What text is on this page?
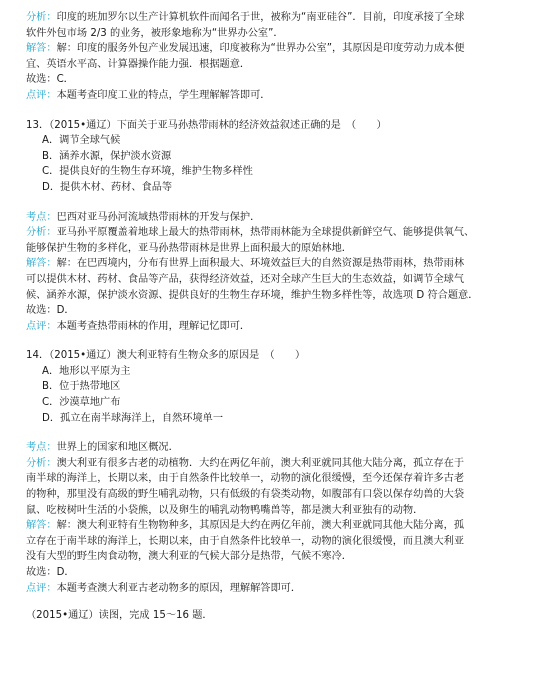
分析：印度的班加罗尔以生产计算机软件而闻名于世，被称为“南亚硅谷”．目前，印度承接了全球
软件外包市场 2/3 的业务，被形象地称为“世界办公室”．
解答：解：印度的服务外包产业发展迅速，印度被称为“世界办公室”，其原因是印度劳动力成本便
宜、英语水平高、计算器操作能力强．根据题意．
故选：C．
点评：本题考查印度工业的特点，学生理解解答即可．
13．（2015•通辽）下面关于亚马孙热带雨林的经济效益叙述正确的是　（　　）
A．调节全球气候
B．涵养水源，保护淡水资源
C．提供良好的生物生存环境，维护生物多样性
D．提供木材、药材、食品等
考点：巴西对亚马孙河流域热带雨林的开发与保护．
分析：亚马孙平原覆盖着地球上最大的热带雨林，热带雨林能为全球提供新鲜空气、能够提供氧气、
能够保护生物的多样化，亚马孙热带雨林是世界上面积最大的原始林地．
解答：解：在巴西境内，分布有世界上面积最大、环境效益巨大的自然资源是热带雨林，热带雨林
可以提供木材、药材、食品等产品，获得经济效益，还对全球产生巨大的生态效益，如调节全球气
候、涵养水源，保护淡水资源、提供良好的生物生存环境，维护生物多样性等，故选项 D 符合题意．
故选：D．
点评：本题考查热带雨林的作用，理解记忆即可．
14．（2015•通辽）澳大利亚特有生物众多的原因是　（　　）
A．地形以平原为主
B．位于热带地区
C．沙漠草地广布
D．孤立在南半球海洋上，自然环境单一
考点：世界上的国家和地区概况．
分析：澳大利亚有很多古老的动植物．大约在两亿年前，澳大利亚就同其他大陆分离，孤立存在于
南半球的海洋上，长期以来，由于自然条件比较单一，动物的演化很缓慢，至今还保存着许多古老
的物种，那里没有高级的野生哺乳动物，只有低级的有袋类动物，如腹部有口袋以保存幼兽的大袋
鼠、吃桉树叶生活的小袋熊，以及卵生的哺乳动物鸭嘴兽等，都是澳大利亚独有的动物．
解答：解：澳大利亚特有生物物种多，其原因是大约在两亿年前，澳大利亚就同其他大陆分离，孤
立存在于南半球的海洋上，长期以来，由于自然条件比较单一，动物的演化很缓慢，而且澳大利亚
没有大型的野生肉食动物，澳大利亚的气候大部分是热带，气候不寒冷．
故选：D．
点评：本题考查澳大利亚古老动物多的原因，理解解答即可．
（2015•通辽）读图，完成 15～16 题．
